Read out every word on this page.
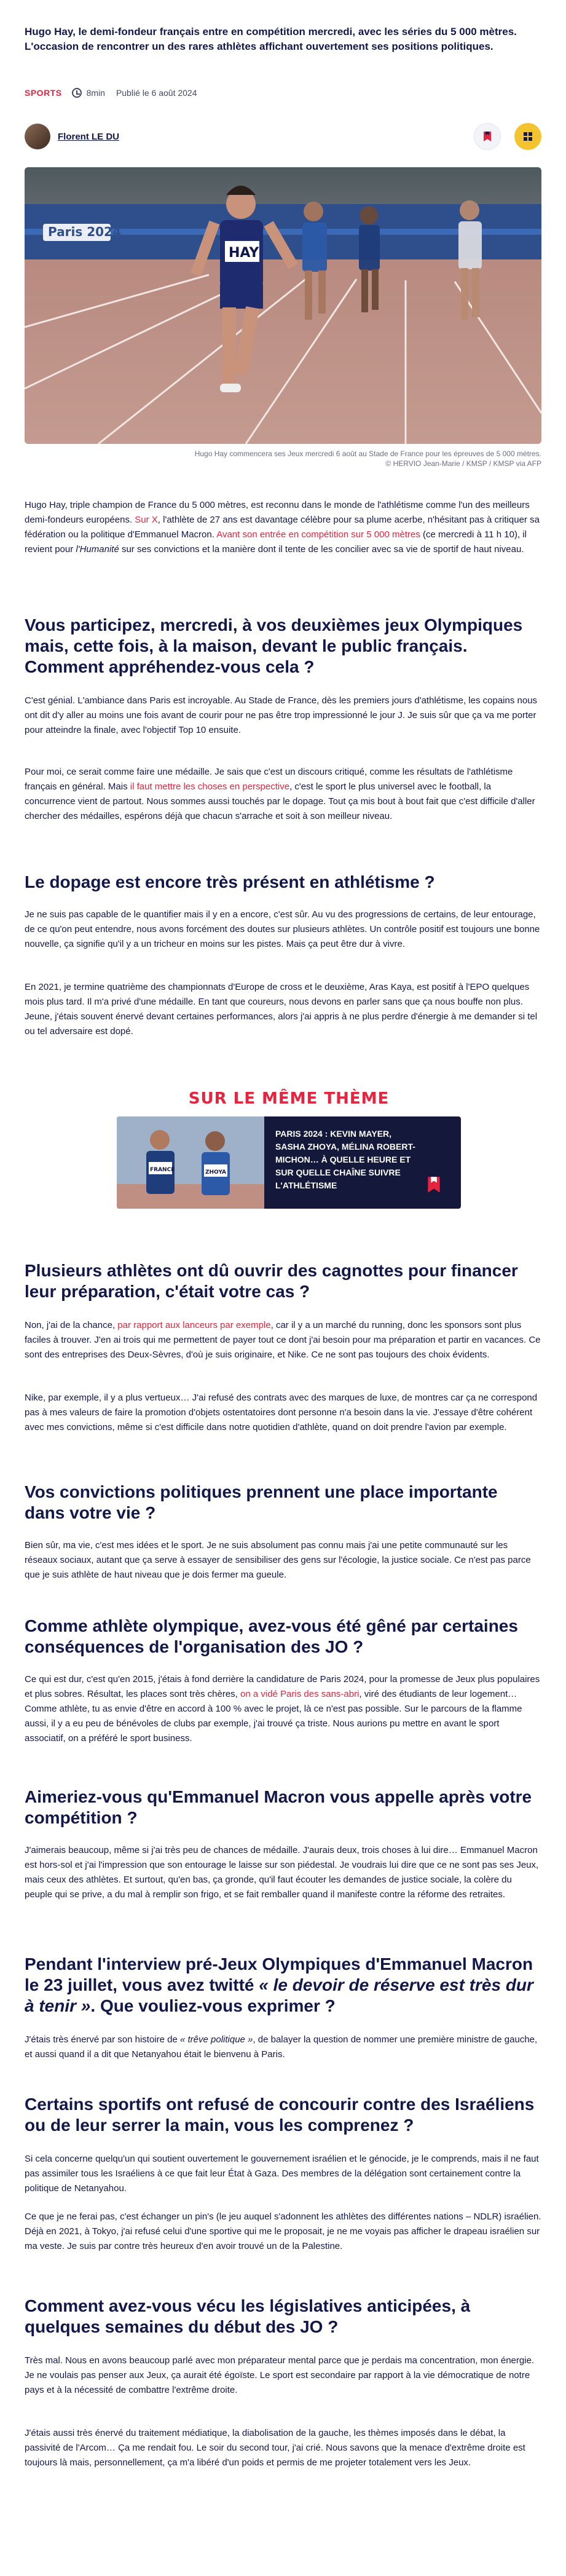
Hugo Hay, le demi-fondeur français entre en compétition mercredi, avec les séries du 5 000 mètres. L'occasion de rencontrer un des rares athlètes affichant ouvertement ses positions politiques.
SPORTS	8min Publié le 6 août 2024
Florent LE DU
Paris 2024
HAY
Hugo Hay commencera ses Jeux mercredi 6 août au Stade de France pour les épreuves de 5 000 mètres.
© HERVIO Jean-Marie / KMSP / KMSP via AFP
Hugo Hay, triple champion de France du 5 000 mètres, est reconnu dans le monde de l'athlétisme comme l'un des meilleurs demi-fondeurs européens. Sur X, l'athlète de 27 ans est davantage célèbre pour sa plume acerbe, n'hésitant pas à critiquer sa fédération ou la politique d'Emmanuel Macron. Avant son entrée en compétition sur 5 000 mètres (ce mercredi à 11 h 10), il revient pour l'Humanité sur ses convictions et la manière dont il tente de les concilier avec sa vie de sportif de haut niveau.
Vous participez, mercredi, à vos deuxièmes jeux Olympiques mais, cette fois, à la maison, devant le public français. Comment appréhendez-vous cela ?
C'est génial. L'ambiance dans Paris est incroyable. Au Stade de France, dès les premiers jours d'athlétisme, les copains nous ont dit d'y aller au moins une fois avant de courir pour ne pas être trop impressionné le jour J. Je suis sûr que ça va me porter pour atteindre la finale, avec l'objectif Top 10 ensuite.
Pour moi, ce serait comme faire une médaille. Je sais que c'est un discours critiqué, comme les résultats de l'athlétisme français en général. Mais il faut mettre les choses en perspective, c'est le sport le plus universel avec le football, la concurrence vient de partout. Nous sommes aussi touchés par le dopage. Tout ça mis bout à bout fait que c'est difficile d'aller chercher des médailles, espérons déjà que chacun s'arrache et soit à son meilleur niveau.
Le dopage est encore très présent en athlétisme ?
Je ne suis pas capable de le quantifier mais il y en a encore, c'est sûr. Au vu des progressions de certains, de leur entourage, de ce qu'on peut entendre, nous avons forcément des doutes sur plusieurs athlètes. Un contrôle positif est toujours une bonne nouvelle, ça signifie qu'il y a un tricheur en moins sur les pistes. Mais ça peut être dur à vivre.
En 2021, je termine quatrième des championnats d'Europe de cross et le deuxième, Aras Kaya, est positif à l'EPO quelques mois plus tard. Il m'a privé d'une médaille. En tant que coureurs, nous devons en parler sans que ça nous bouffe non plus. Jeune, j'étais souvent énervé devant certaines performances, alors j'ai appris à ne plus perdre d'énergie à me demander si tel ou tel adversaire est dopé.
SUR LE MÊME THÈME
FRANCE	ZHOYA
PARIS 2024 : KEVIN MAYER, SASHA ZHOYA, MÉLINA ROBERT-MICHON… À QUELLE HEURE ET SUR QUELLE CHAÎNE SUIVRE L'ATHLÉTISME
Plusieurs athlètes ont dû ouvrir des cagnottes pour financer leur préparation, c'était votre cas ?
Non, j'ai de la chance, par rapport aux lanceurs par exemple, car il y a un marché du running, donc les sponsors sont plus faciles à trouver. J'en ai trois qui me permettent de payer tout ce dont j'ai besoin pour ma préparation et partir en vacances. Ce sont des entreprises des Deux-Sèvres, d'où je suis originaire, et Nike. Ce ne sont pas toujours des choix évidents.
Nike, par exemple, il y a plus vertueux… J'ai refusé des contrats avec des marques de luxe, de montres car ça ne correspond pas à mes valeurs de faire la promotion d'objets ostentatoires dont personne n'a besoin dans la vie. J'essaye d'être cohérent avec mes convictions, même si c'est difficile dans notre quotidien d'athlète, quand on doit prendre l'avion par exemple.
Vos convictions politiques prennent une place importante dans votre vie ?
Bien sûr, ma vie, c'est mes idées et le sport. Je ne suis absolument pas connu mais j'ai une petite communauté sur les réseaux sociaux, autant que ça serve à essayer de sensibiliser des gens sur l'écologie, la justice sociale. Ce n'est pas parce que je suis athlète de haut niveau que je dois fermer ma gueule.
Comme athlète olympique, avez-vous été gêné par certaines conséquences de l'organisation des JO ?
Ce qui est dur, c'est qu'en 2015, j'étais à fond derrière la candidature de Paris 2024, pour la promesse de Jeux plus populaires et plus sobres. Résultat, les places sont très chères, on a vidé Paris des sans-abri, viré des étudiants de leur logement… Comme athlète, tu as envie d'être en accord à 100 % avec le projet, là ce n'est pas possible. Sur le parcours de la flamme aussi, il y a eu peu de bénévoles de clubs par exemple, j'ai trouvé ça triste. Nous aurions pu mettre en avant le sport associatif, on a préféré le sport business.
Aimeriez-vous qu'Emmanuel Macron vous appelle après votre compétition ?
J'aimerais beaucoup, même si j'ai très peu de chances de médaille. J'aurais deux, trois choses à lui dire… Emmanuel Macron est hors-sol et j'ai l'impression que son entourage le laisse sur son piédestal. Je voudrais lui dire que ce ne sont pas ses Jeux, mais ceux des athlètes. Et surtout, qu'en bas, ça gronde, qu'il faut écouter les demandes de justice sociale, la colère du peuple qui se prive, a du mal à remplir son frigo, et se fait remballer quand il manifeste contre la réforme des retraites.
Pendant l'interview pré-Jeux Olympiques d'Emmanuel Macron le 23 juillet, vous avez twitté « le devoir de réserve est très dur à tenir ». Que vouliez-vous exprimer ?
J'étais très énervé par son histoire de « trêve politique », de balayer la question de nommer une première ministre de gauche, et aussi quand il a dit que Netanyahou était le bienvenu à Paris.
Certains sportifs ont refusé de concourir contre des Israéliens ou de leur serrer la main, vous les comprenez ?
Si cela concerne quelqu'un qui soutient ouvertement le gouvernement israélien et le génocide, je le comprends, mais il ne faut pas assimiler tous les Israéliens à ce que fait leur État à Gaza. Des membres de la délégation sont certainement contre la politique de Netanyahou.
Ce que je ne ferai pas, c'est échanger un pin's (le jeu auquel s'adonnent les athlètes des différentes nations – NDLR) israélien. Déjà en 2021, à Tokyo, j'ai refusé celui d'une sportive qui me le proposait, je ne me voyais pas afficher le drapeau israélien sur ma veste. Je suis par contre très heureux d'en avoir trouvé un de la Palestine.
Comment avez-vous vécu les législatives anticipées, à quelques semaines du début des JO ?
Très mal. Nous en avons beaucoup parlé avec mon préparateur mental parce que je perdais ma concentration, mon énergie. Je ne voulais pas penser aux Jeux, ça aurait été égoïste. Le sport est secondaire par rapport à la vie démocratique de notre pays et à la nécessité de combattre l'extrême droite.
J'étais aussi très énervé du traitement médiatique, la diabolisation de la gauche, les thèmes imposés dans le débat, la passivité de l'Arcom… Ça me rendait fou. Le soir du second tour, j'ai crié. Nous savons que la menace d'extrême droite est toujours là mais, personnellement, ça m'a libéré d'un poids et permis de me projeter totalement vers les Jeux.
